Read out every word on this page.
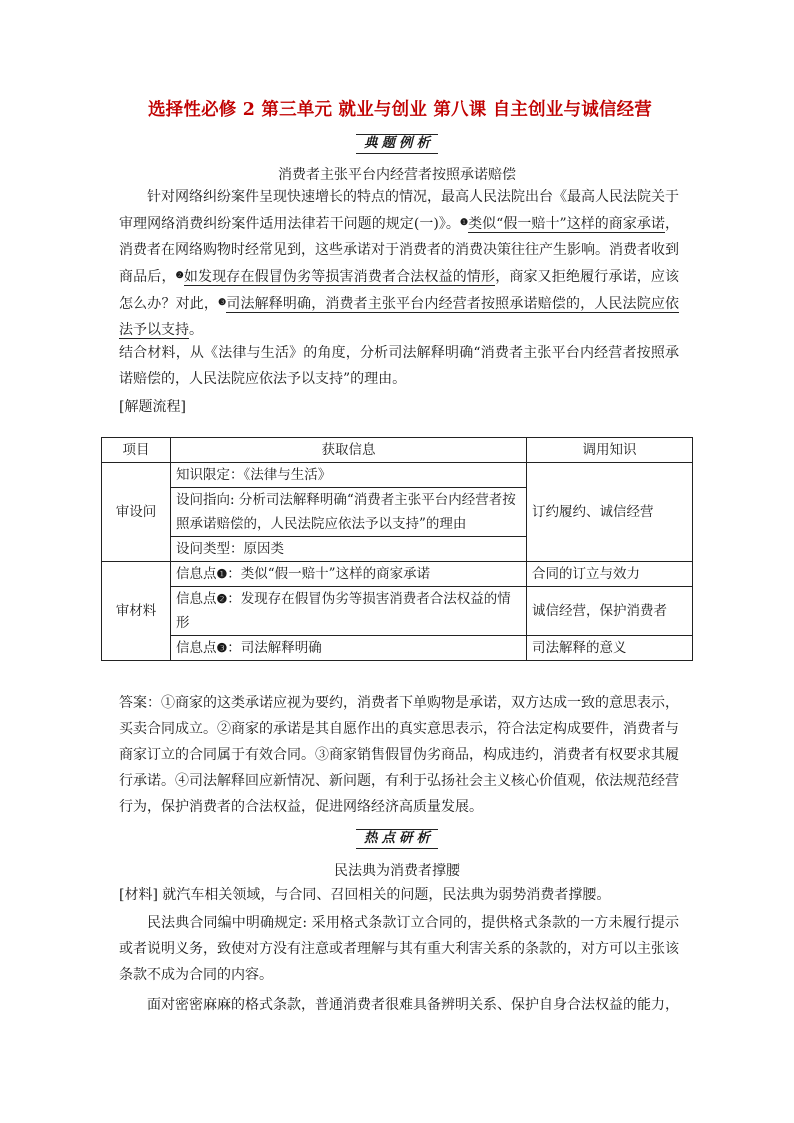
选择性必修 2 第三单元 就业与创业 第八课 自主创业与诚信经营
典题例析
消费者主张平台内经营者按照承诺赔偿
针对网络纠纷案件呈现快速增长的特点的情况，最高人民法院出台《最高人民法院关于审理网络消费纠纷案件适用法律若干问题的规定(一)》。$^❶$类似“假一赔十”这样的商家承诺，消费者在网络购物时经常见到，这些承诺对于消费者的消费决策往往产生影响。消费者收到商品后，$^❷$如发现存在假冒伪劣等损害消费者合法权益的情形，商家又拒绝履行承诺，应该怎么办？对此，$^❸$司法解释明确，消费者主张平台内经营者按照承诺赔偿的，人民法院应依法予以支持。
结合材料，从《法律与生活》的角度，分析司法解释明确“消费者主张平台内经营者按照承诺赔偿的，人民法院应依法予以支持”的理由。
[解题流程]
项目	获取信息	调用知识
审设问	知识限定：《法律与生活》	订约履约、诚信经营
	设问指向: 分析司法解释明确“消费者主张平台内经营者按照承诺赔偿的，人民法院应依法予以支持”的理由	
	设问类型：原因类	
审材料	信息点❶：类似“假一赔十”这样的商家承诺	合同的订立与效力
	信息点❷：发现存在假冒伪劣等损害消费者合法权益的情形	诚信经营，保护消费者
	信息点❸：司法解释明确	司法解释的意义
答案：①商家的这类承诺应视为要约，消费者下单购物是承诺，双方达成一致的意思表示，买卖合同成立。②商家的承诺是其自愿作出的真实意思表示，符合法定构成要件，消费者与商家订立的合同属于有效合同。③商家销售假冒伪劣商品，构成违约，消费者有权要求其履行承诺。④司法解释回应新情况、新问题，有利于弘扬社会主义核心价值观，依法规范经营行为，保护消费者的合法权益，促进网络经济高质量发展。
热点研析
民法典为消费者撑腰
[材料] 就汽车相关领域，与合同、召回相关的问题，民法典为弱势消费者撑腰。
民法典合同编中明确规定: 采用格式条款订立合同的，提供格式条款的一方未履行提示或者说明义务，致使对方没有注意或者理解与其有重大利害关系的条款的，对方可以主张该条款不成为合同的内容。
面对密密麻麻的格式条款，普通消费者很难具备辨明关系、保护自身合法权益的能力，
